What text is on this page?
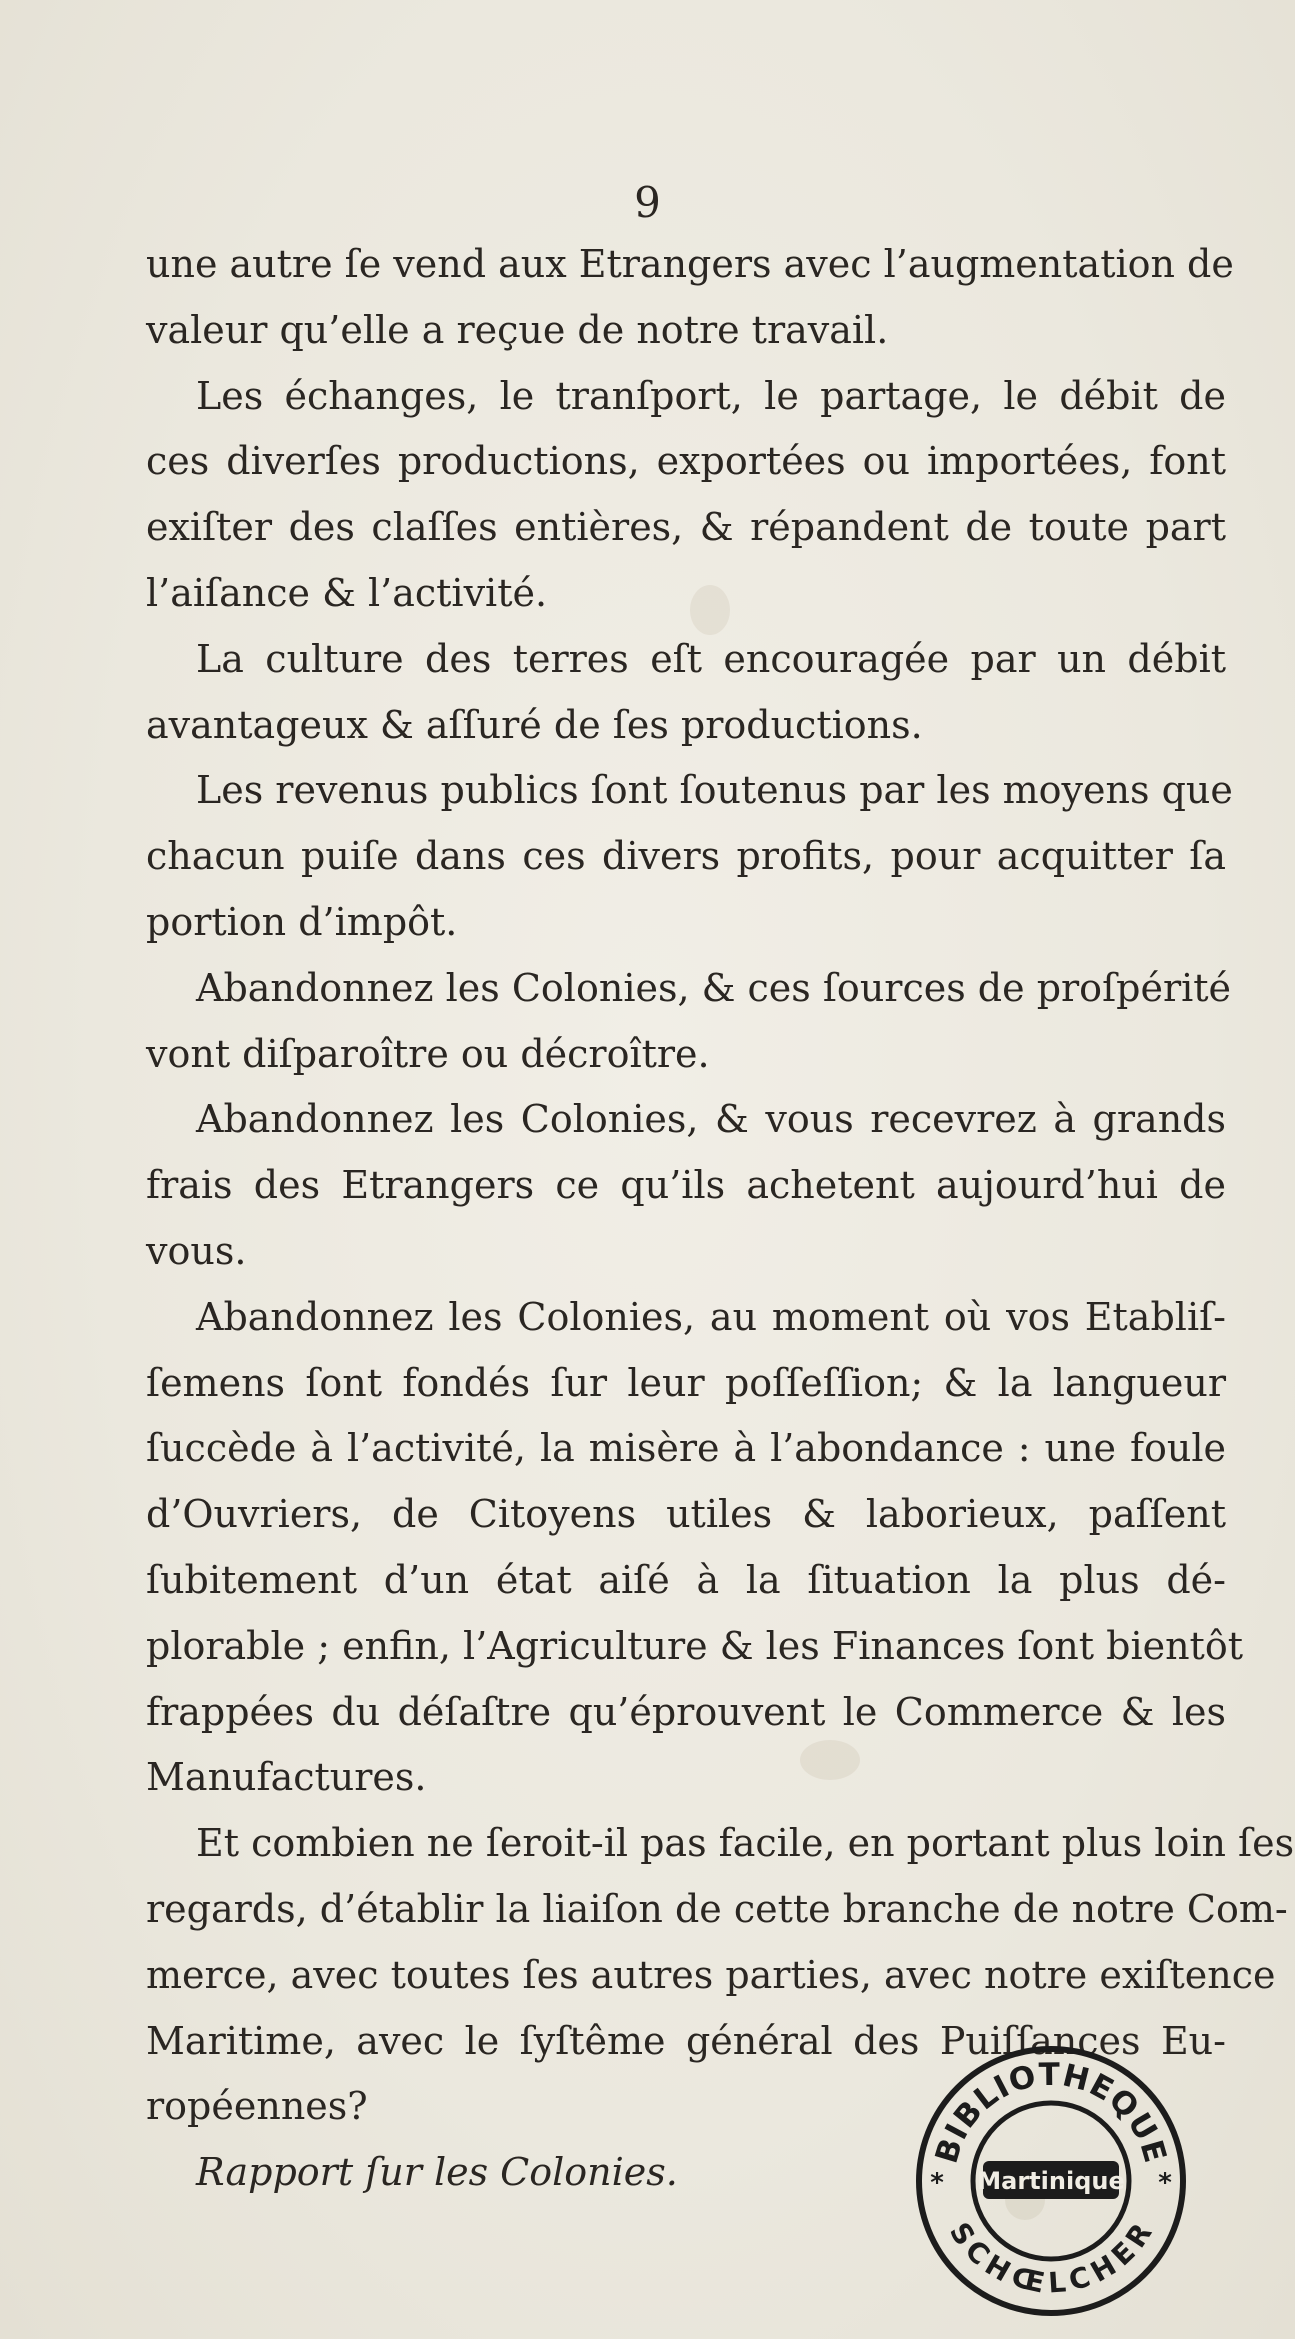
9
une autre ſe vend aux Etrangers avec l’augmentation de
valeur qu’elle a reçue de notre travail.
Les échanges, le tranſport, le partage, le débit de
ces diverſes productions, exportées ou importées, font
exiſter des claſſes entières, & répandent de toute part
l’aiſance & l’activité.
La culture des terres eſt encouragée par un débit
avantageux & aſſuré de ſes productions.
Les revenus publics ſont ſoutenus par les moyens que
chacun puiſe dans ces divers profits, pour acquitter ſa
portion d’impôt.
Abandonnez les Colonies, & ces ſources de proſpérité
vont diſparoître ou décroître.
Abandonnez les Colonies, & vous recevrez à grands
frais des Etrangers ce qu’ils achetent aujourd’hui de
vous.
Abandonnez les Colonies, au moment où vos Etabliſ-
ſemens ſont fondés ſur leur poſſeſſion; & la langueur
ſuccède à l’activité, la misère à l’abondance : une foule
d’Ouvriers, de Citoyens utiles & laborieux, paſſent
ſubitement d’un état aiſé à la ſituation la plus dé-
plorable ; enfin, l’Agriculture & les Finances ſont bientôt
frappées du déſaſtre qu’éprouvent le Commerce & les
Manufactures.
Et combien ne ſeroit-il pas facile, en portant plus loin ſes
regards, d’établir la liaiſon de cette branche de notre Com-
merce, avec toutes ſes autres parties, avec notre exiſtence
Maritime, avec le ſyſtême général des Puiſſances Eu-
ropéennes?
Rapport ſur les Colonies.	BIBLIOTHEQUE
SCHŒLCHER
Martinique
*	*
